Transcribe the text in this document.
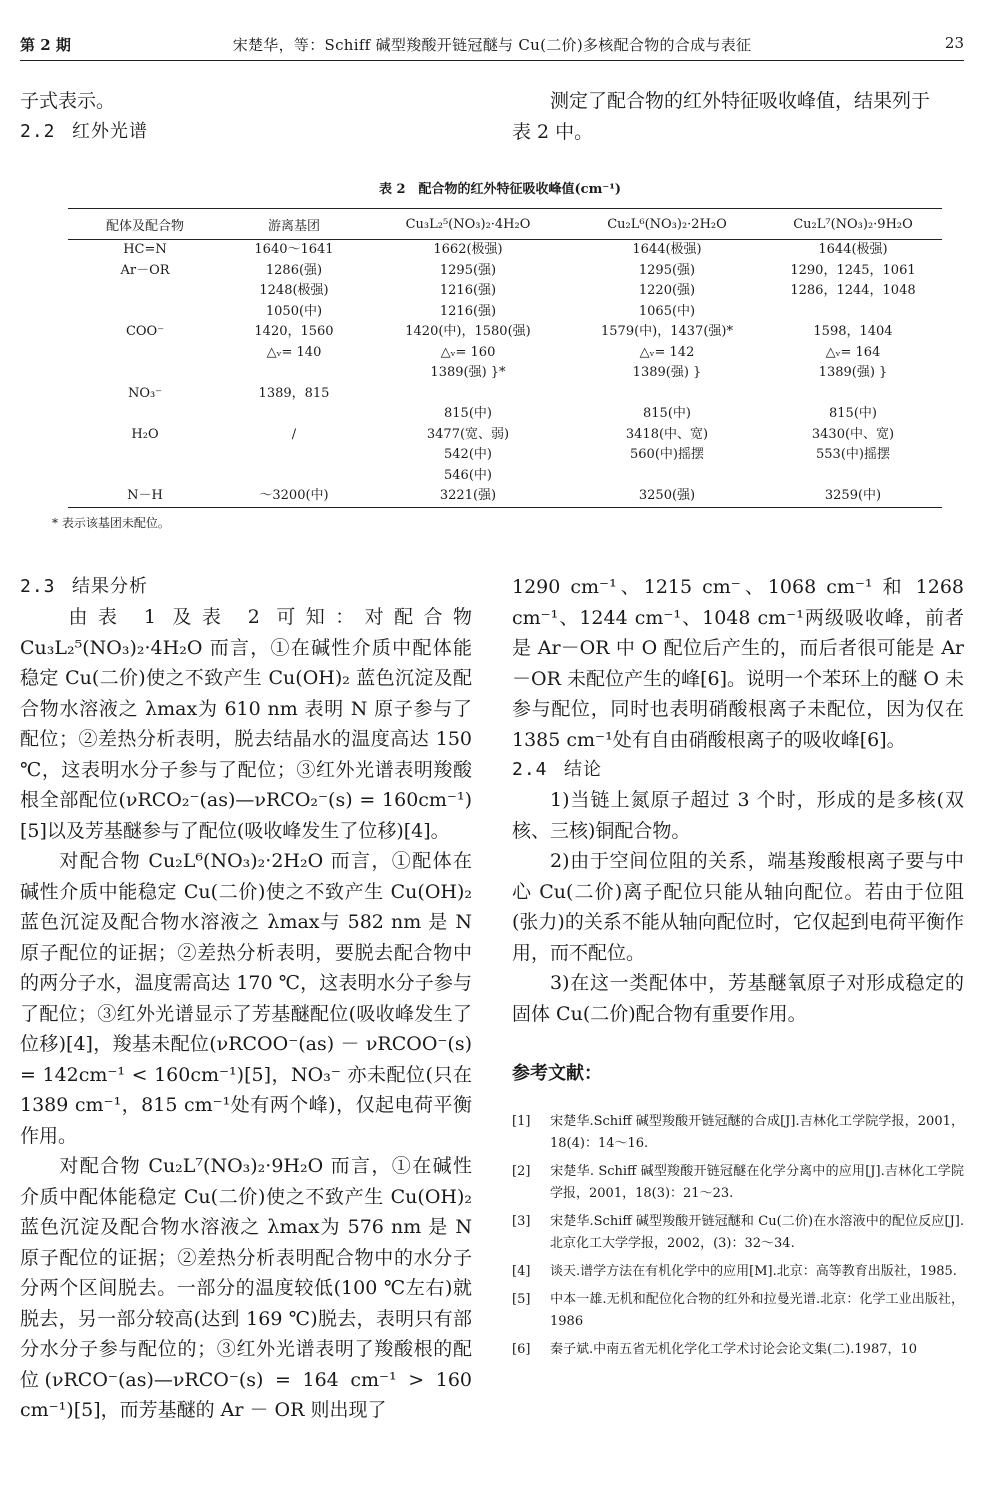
第 2 期	宋楚华，等：Schiff 碱型羧酸开链冠醚与 Cu(二价)多核配合物的合成与表征	23

子式表示。

2.2 红外光谱

测定了配合物的红外特征吸收峰值，结果列于
表 2 中。

表 2　配合物的红外特征吸收峰值(cm⁻¹)
配体及配合物	游离基团	Cu₃L₂⁵(NO₃)₂·4H₂O	Cu₂L⁶(NO₃)₂·2H₂O	Cu₂L⁷(NO₃)₂·9H₂O
HC=N	1640～1641	1662(极强)	1644(极强)	1644(极强)
Ar－OR	1286(强)	1295(强)	1295(强)	1290，1245，1061
	1248(极强)	1216(强)	1220(强)	1286，1244，1048
	1050(中)	1216(强)	1065(中)	
COO⁻	1420，1560	1420(中)，1580(强)	1579(中)，1437(强)*	1598，1404
	△ᵥ= 140	△ᵥ= 160	△ᵥ= 142	△ᵥ= 164
		1389(强) }*	1389(强) }	1389(强) }
NO₃⁻	1389，815			
		815(中)	815(中)	815(中)
H₂O	/	3477(宽、弱)	3418(中、宽)	3430(中、宽)
		542(中)	560(中)摇摆	553(中)摇摆
		546(中)		
N－H	～3200(中)	3221(强)	3250(强)	3259(中)
* 表示该基团未配位。

2.3 结果分析

由表 1 及表 2 可知：对配合物 Cu₃L₂⁵(NO₃)₂·4H₂O 而言，①在碱性介质中配体能稳定 Cu(二价)使之不致产生 Cu(OH)₂ 蓝色沉淀及配合物水溶液之 λmax为 610 nm 表明 N 原子参与了配位；②差热分析表明，脱去结晶水的温度高达 150 ℃，这表明水分子参与了配位；③红外光谱表明羧酸根全部配位(νRCO₂⁻(as)—νRCO₂⁻(s) = 160cm⁻¹)[5]以及芳基醚参与了配位(吸收峰发生了位移)[4]。

对配合物 Cu₂L⁶(NO₃)₂·2H₂O 而言，①配体在碱性介质中能稳定 Cu(二价)使之不致产生 Cu(OH)₂ 蓝色沉淀及配合物水溶液之 λmax与 582 nm 是 N 原子配位的证据；②差热分析表明，要脱去配合物中的两分子水，温度需高达 170 ℃，这表明水分子参与了配位；③红外光谱显示了芳基醚配位(吸收峰发生了位移)[4]，羧基未配位(νRCOO⁻(as) － νRCOO⁻(s) = 142cm⁻¹ < 160cm⁻¹)[5]，NO₃⁻ 亦未配位(只在 1389 cm⁻¹，815 cm⁻¹处有两个峰)，仅起电荷平衡作用。

对配合物 Cu₂L⁷(NO₃)₂·9H₂O 而言，①在碱性介质中配体能稳定 Cu(二价)使之不致产生 Cu(OH)₂ 蓝色沉淀及配合物水溶液之 λmax为 576 nm 是 N 原子配位的证据；②差热分析表明配合物中的水分子分两个区间脱去。一部分的温度较低(100 ℃左右)就脱去，另一部分较高(达到 169 ℃)脱去，表明只有部分水分子参与配位的；③红外光谱表明了羧酸根的配位(νRCO⁻(as)—νRCO⁻(s) = 164 cm⁻¹ > 160 cm⁻¹)[5]，而芳基醚的 Ar － OR 则出现了

1290 cm⁻¹、1215 cm⁻、1068 cm⁻¹ 和 1268 cm⁻¹、1244 cm⁻¹、1048 cm⁻¹两级吸收峰，前者是 Ar－OR 中 O 配位后产生的，而后者很可能是 Ar－OR 未配位产生的峰[6]。说明一个苯环上的醚 O 未参与配位，同时也表明硝酸根离子未配位，因为仅在 1385 cm⁻¹处有自由硝酸根离子的吸收峰[6]。

2.4 结论

1)当链上氮原子超过 3 个时，形成的是多核(双核、三核)铜配合物。

2)由于空间位阻的关系，端基羧酸根离子要与中心 Cu(二价)离子配位只能从轴向配位。若由于位阻(张力)的关系不能从轴向配位时，它仅起到电荷平衡作用，而不配位。

3)在这一类配体中，芳基醚氧原子对形成稳定的固体 Cu(二价)配合物有重要作用。

参考文献：

[1] 宋楚华.Schiff 碱型羧酸开链冠醚的合成[J].吉林化工学院学报，2001，18(4)：14～16.

[2] 宋楚华. Schiff 碱型羧酸开链冠醚在化学分离中的应用[J].吉林化工学院学报，2001，18(3)：21～23.

[3] 宋楚华.Schiff 碱型羧酸开链冠醚和 Cu(二价)在水溶液中的配位反应[J].北京化工大学学报，2002，(3)：32～34.

[4] 谈天.谱学方法在有机化学中的应用[M].北京：高等教育出版社，1985.

[5] 中本一雄.无机和配位化合物的红外和拉曼光谱.北京：化学工业出版社，1986

[6] 秦子斌.中南五省无机化学化工学术讨论会论文集(二).1987，10
